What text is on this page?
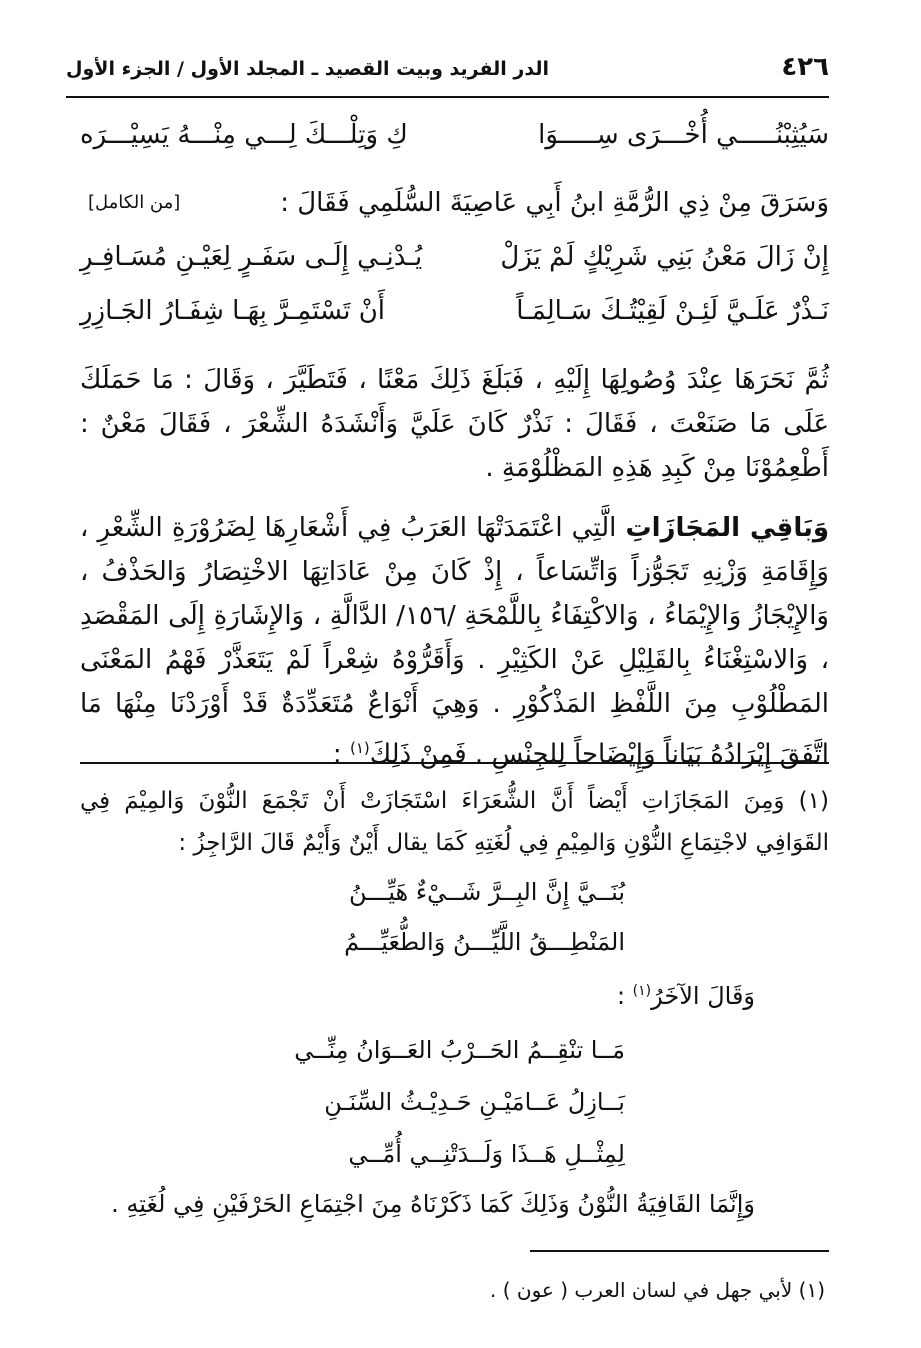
٤٢٦
الدر الفريد وبيت القصيد ـ المجلد الأول / الجزء الأول
سَيُثِبْنُـــــي أُخْـــرَى سِـــــوَا
كِ وَتِلْـــكَ لِـــي مِنْـــهُ يَسِيْـــرَه
وَسَرَقَ مِنْ ذِي الرُّمَّةِ ابنُ أَبِي عَاصِيَةَ السُّلَمِي فَقَالَ :
[من الكامل]
إِنْ زَالَ مَعْنُ بَنِي شَرِيْكٍ لَمْ يَزَلْ
يُـدْنِـي إِلَـى سَفَـرٍ لِعَيْـنِ مُسَـافِـرِ
نَـذْرٌ عَلَـيَّ لَئِـنْ لَقِيْتُـكَ سَـالِمَـاً
أَنْ تَسْتَمِـرَّ بِهَـا شِفَـارُ الجَـازِرِ
ثُمَّ نَحَرَهَا عِنْدَ وُصُولِهَا إِلَيْهِ ، فَبَلَغَ ذَلِكَ مَعْنًا ، فَتَطَيَّرَ ، وَقَالَ : مَا حَمَلَكَ عَلَى مَا صَنَعْتَ ، فَقَالَ : نَذْرٌ كَانَ عَلَيَّ وَأَنْشَدَهُ الشِّعْرَ ، فَقَالَ مَعْنٌ : أَطْعِمُوْنَا مِنْ كَبِدِ هَذِهِ المَظْلُوْمَةِ .
وَبَاقِي المَجَازَاتِ الَّتِي اعْتَمَدَتْهَا العَرَبُ فِي أَشْعَارِهَا لِضَرُوْرَةِ الشِّعْرِ ، وَإِقَامَةِ وَزْنِهِ تَجَوُّزاً وَاتِّسَاعاً ، إِذْ كَانَ مِنْ عَادَاتِهَا الاخْتِصَارُ وَالحَذْفُ ، وَالإِيْجَازُ وَالإِيْمَاءُ ، وَالاكْتِفَاءُ بِاللَّمْحَةِ /١٥٦/ الدَّالَّةِ ، وَالإِشَارَةِ إِلَى المَقْصَدِ ، وَالاسْتِغْنَاءُ بِالقَلِيْلِ عَنْ الكَثِيْرِ . وَأَقَرُّوْهُ شِعْراً لَمْ يَتَعَذَّرْ فَهْمُ المَعْنَى المَطْلُوْبِ مِنَ اللَّفْظِ المَذْكُوْرِ . وَهِيَ أَنْوَاعٌ مُتَعَدِّدَةٌ قَدْ أَوْرَدْنَا مِنْهَا مَا اتَّفَقَ إِيْرَادُهُ بَيَاناً وَإِيْضَاحاً لِلجِنْسِ . فَمِنْ ذَلِكَ$^{(١)}$ :
(١) وَمِنَ المَجَازَاتِ أَيْضاً أَنَّ الشُّعَرَاءَ اسْتَجَازَتْ أَنْ تَجْمَعَ النُّوْنَ وَالمِيْمَ فِي القَوَافِي لاجْتِمَاعِ النُّوْنِ وَالمِيْمِ فِي لُغَتِهِ كَمَا يقال أَيْنٌ وَأَيْمٌ قَالَ الرَّاجِزُ :
بُنَــيَّ إِنَّ البِــرَّ شَــيْءٌ هَيِّـــنُ
المَنْطِـــقُ اللَّيِّـــنُ وَالطُّعَيِّـــمُ
وَقَالَ الآخَرُ$^{(١)}$ :
مَــا تنْقِــمُ الحَــرْبُ العَــوَانُ مِنِّــي
بَــازِلُ عَــامَيْـنِ حَـدِيْـثُ السِّنَـنِ
لِمِثْــلِ هَــذَا وَلَــدَتْنِــي أُمِّــي
وَإِنَّمَا القَافِيَةُ النُّوْنُ وَذَلِكَ كَمَا ذَكَرْنَاهُ مِنَ اجْتِمَاعِ الحَرْفَيْنِ فِي لُغَتِهِ .
(١) لأبي جهل في لسان العرب ( عون ) .
